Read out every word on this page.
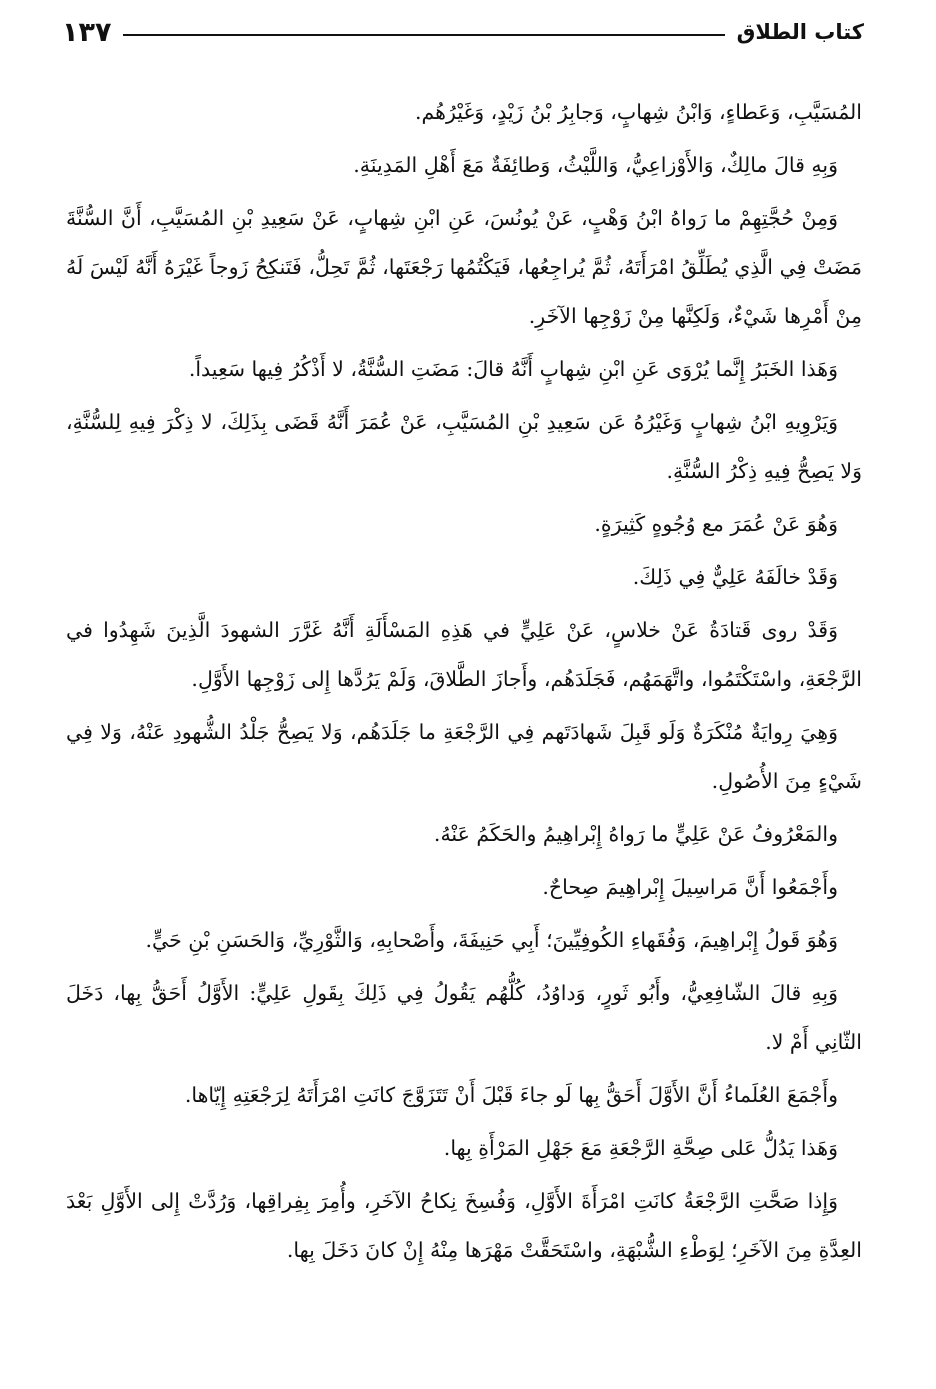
كتاب الطلاق
١٣٧

المُسَيَّبِ، وَعَطاءٍ، وَابْنُ شِهابٍ، وَجابِرُ بْنُ زَيْدٍ، وَغَيْرُهُم.

وَبِهِ قالَ مالِكٌ، وَالأَوْزاعِيُّ، وَاللَّيْثُ، وَطائِفَةٌ مَعَ أَهْلِ المَدِينَةِ.

وَمِنْ حُجَّتِهِمْ ما رَواهُ ابْنُ وَهْبٍ، عَنْ يُونُسَ، عَنِ ابْنِ شِهابٍ، عَنْ سَعِيدِ بْنِ المُسَيَّبِ، أَنَّ السُّنَّةَ مَضَتْ فِي الَّذِي يُطَلِّقُ امْرَأَتَهُ، ثُمَّ يُراجِعُها، فَيَكْتُمُها رَجْعَتَها، ثُمَّ تَحِلُّ، فَتَنكِحُ زَوجاً غَيْرَهُ أَنَّهُ لَيْسَ لَهُ مِنْ أَمْرِها شَيْءٌ، وَلَكِنَّها مِنْ زَوْجِها الآخَرِ.

وَهَذا الخَبَرُ إِنَّما يُرْوَى عَنِ ابْنِ شِهابٍ أَنَّهُ قالَ: مَضَتِ السُّنَّةُ، لا أَذْكُرُ فِيها سَعِيداً.

وَيَرْوِيهِ ابْنُ شِهابٍ وَغَيْرُهُ عَن سَعِيدِ بْنِ المُسَيَّبِ، عَنْ عُمَرَ أَنَّهُ قَضَى بِذَلِكَ، لا ذِكْرَ فِيهِ لِلسُّنَّةِ، وَلا يَصِحُّ فِيهِ ذِكْرُ السُّنَّةِ.

وَهُوَ عَنْ عُمَرَ مع وُجُوهٍ كَثِيرَةٍ.

وَقَدْ خالَفَهُ عَلِيٌّ فِي ذَلِكَ.

وَقَدْ روى قَتادَةُ عَنْ خلاسٍ، عَنْ عَلِيٍّ في هَذِهِ المَسْأَلَةِ أَنَّهُ غَرَّرَ الشهودَ الَّذِينَ شَهِدُوا في الرَّجْعَةِ، واسْتَكْتَمُوا، واتَّهَمَهُم، فَجَلَدَهُم، وأَجازَ الطَّلاقَ، وَلَمْ يَرُدَّها إِلى زَوْجِها الأَوَّلِ.

وَهِيَ رِوايَةٌ مُنْكَرَةٌ وَلَو قَبِلَ شَهادَتَهم فِي الرَّجْعَةِ ما جَلَدَهُم، وَلا يَصِحُّ جَلْدُ الشُّهودِ عَنْهُ، وَلا فِي شَيْءٍ مِنَ الأُصُولِ.

والمَعْرُوفُ عَنْ عَلِيٍّ ما رَواهُ إِبْراهِيمُ والحَكَمُ عَنْهُ.

وأَجْمَعُوا أَنَّ مَراسِيلَ إِبْراهِيمَ صِحاحٌ.

وَهُوَ قَولُ إِبْراهِيمَ، وَفُقَهاءِ الكُوفِيِّينَ؛ أَبِي حَنِيفَةَ، وأَصْحابِهِ، وَالثَّوْرِيِّ، وَالحَسَنِ بْنِ حَيٍّ.

وَبِهِ قالَ الشّافِعِيُّ، وأَبُو ثَورٍ، وَداوُدُ، كُلُّهُم يَقُولُ فِي ذَلِكَ بِقَولِ عَلِيٍّ: الأَوَّلُ أَحَقُّ بِها، دَخَلَ الثّانِي أَمْ لا.

وأَجْمَعَ العُلَماءُ أَنَّ الأَوَّلَ أَحَقُّ بِها لَو جاءَ قَبْلَ أَنْ تَتَزَوَّجَ كانَتِ امْرَأَتَهُ لِرَجْعَتِهِ إِيّاها.

وَهَذا يَدُلُّ عَلى صِحَّةِ الرَّجْعَةِ مَعَ جَهْلِ المَرْأَةِ بِها.

وَإِذا صَحَّتِ الرَّجْعَةُ كانَتِ امْرَأَةَ الأَوَّلِ، وَفُسِخَ نِكاحُ الآخَرِ، وأُمِرَ بِفِراقِها، وَرُدَّتْ إِلى الأَوَّلِ بَعْدَ العِدَّةِ مِنَ الآخَرِ؛ لِوَطْءِ الشُّبْهَةِ، واسْتَحَقَّتْ مَهْرَها مِنْهُ إِنْ كانَ دَخَلَ بِها.
